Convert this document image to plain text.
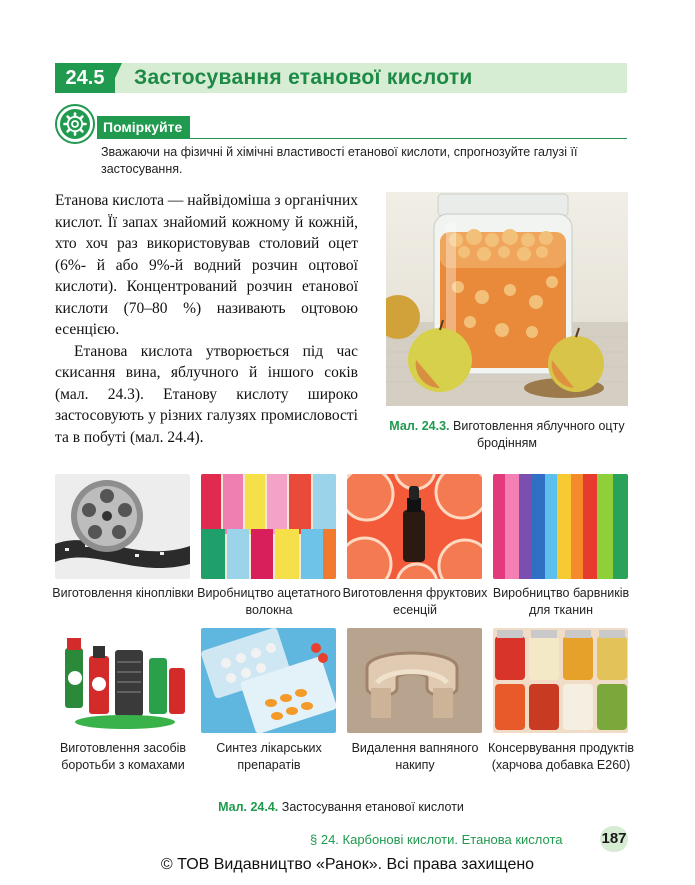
24.5	Застосування етанової кислоти
Поміркуйте
Зважаючи на фізичні й хімічні властивості етанової кислоти, спрогнозуйте галузі її застосування.

Етанова кислота — найвідоміша з органічних кислот. Її запах знайомий кожному й кожній, хто хоч раз використовував столовий оцет (6%- й або 9%-й водний розчин оцтової кислоти). Концентрований розчин етанової кислоти (70–80 %) називають оцтовою есенцією.

Етанова кислота утворюється під час скисання вина, яблучного й іншого соків (мал. 24.3). Етанову кислоту широко застосовують у різних галузях промисловості та в побуті (мал. 24.4).

Мал. 24.3. Виготовлення яблучного оцту бродінням
Виготовлення кіноплівки Виробництво ацетатного волокна
Виготовлення фруктових есенцій
Виробництво барвників для тканин
Виготовлення засобів боротьби з комахами
Синтез лікарських препаратів
Видалення вапняного накипу
Консервування продуктів (харчова добавка Е260)
Мал. 24.4. Застосування етанової кислоти
§ 24. Карбонові кислоти. Етанова кислота	187
© ТОВ Видавництво «Ранок». Всі права захищено
